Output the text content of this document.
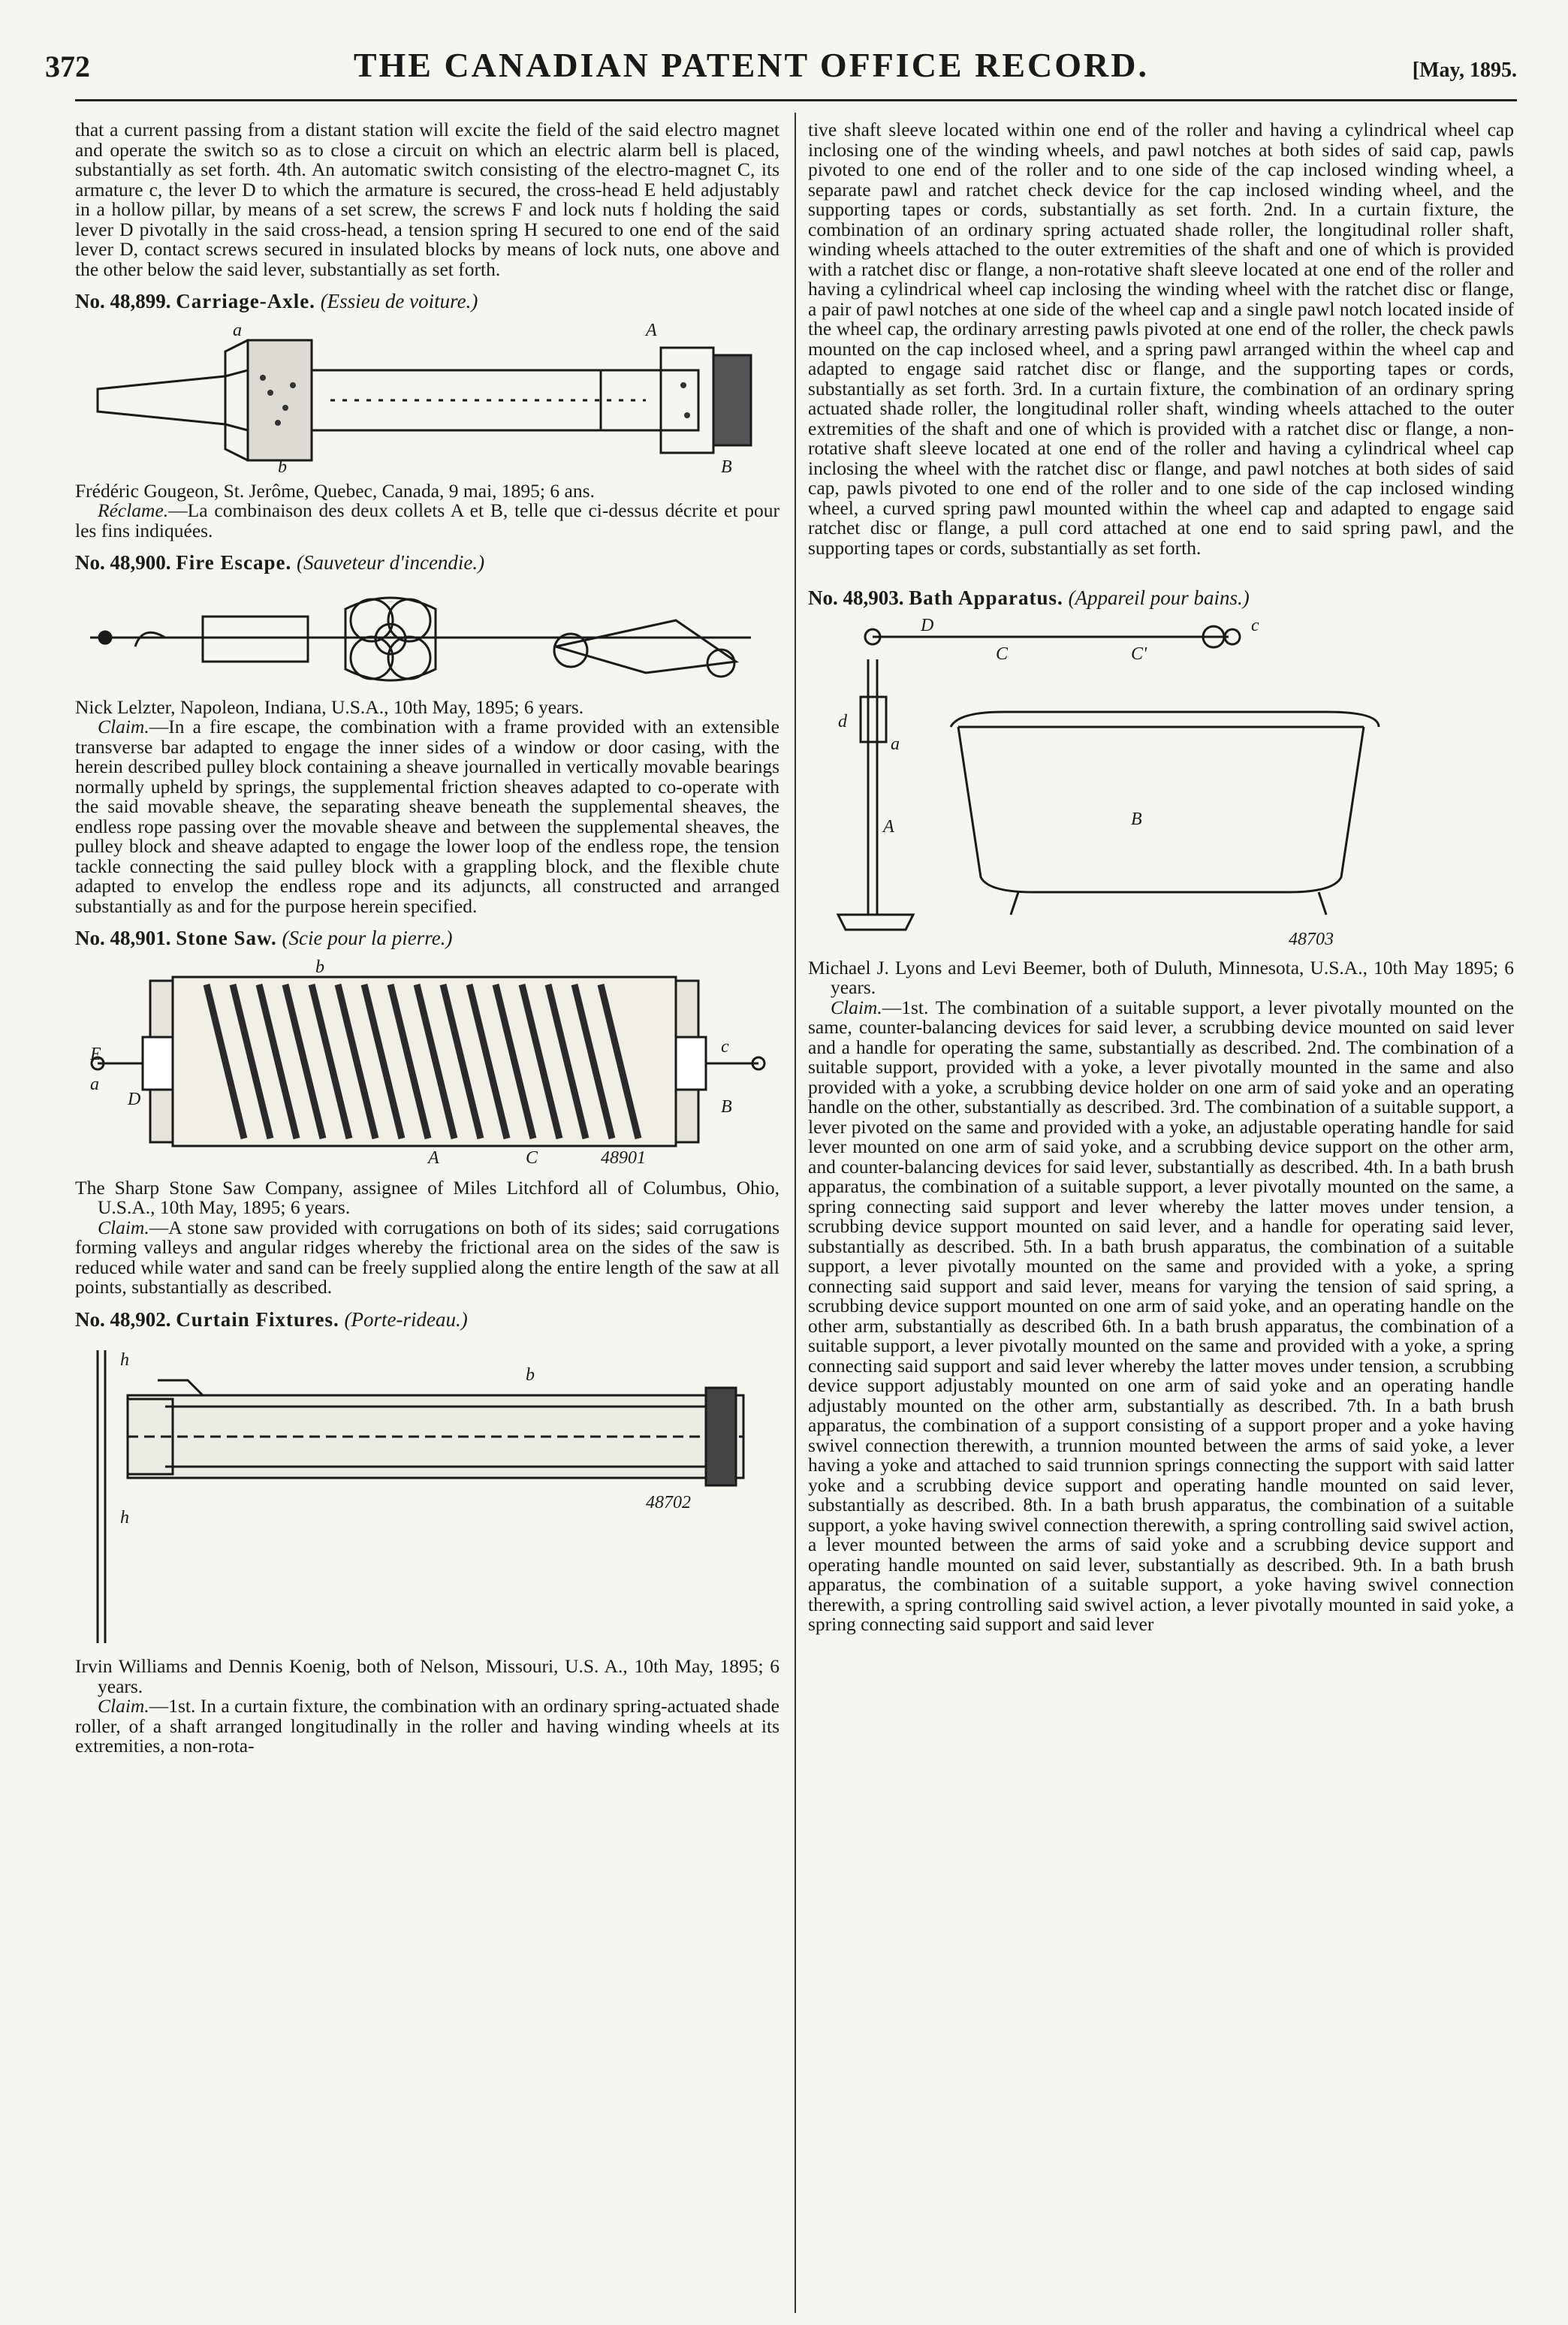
372	THE CANADIAN PATENT OFFICE RECORD.	[May, 1895.

that a current passing from a distant station will excite the field of the said electro magnet and operate the switch so as to close a circuit on which an electric alarm bell is placed, substantially as set forth. 4th. An automatic switch consisting of the electro-magnet C, its armature c, the lever D to which the armature is secured, the cross-head E held adjustably in a hollow pillar, by means of a set screw, the screws F and lock nuts f holding the said lever D pivotally in the said cross-head, a tension spring H secured to one end of the said lever D, contact screws secured in insulated blocks by means of lock nuts, one above and the other below the said lever, substantially as set forth.

No. 48,899. Carriage-Axle. (Essieu de voiture.)
a
b
A
B

Frédéric Gougeon, St. Jerôme, Quebec, Canada, 9 mai, 1895; 6 ans.

Réclame.—La combinaison des deux collets A et B, telle que ci-dessus décrite et pour les fins indiquées.

No. 48,900. Fire Escape. (Sauveteur d'incendie.)

Nick Lelzter, Napoleon, Indiana, U.S.A., 10th May, 1895; 6 years.

Claim.—In a fire escape, the combination with a frame provided with an extensible transverse bar adapted to engage the inner sides of a window or door casing, with the herein described pulley block containing a sheave journalled in vertically movable bearings normally upheld by springs, the supplemental friction sheaves adapted to co-operate with the said movable sheave, the separating sheave beneath the supplemental sheaves, the endless rope passing over the movable sheave and between the supplemental sheaves, the pulley block and sheave adapted to engage the lower loop of the endless rope, the tension tackle connecting the said pulley block with a grappling block, and the flexible chute adapted to envelop the endless rope and its adjuncts, all constructed and arranged substantially as and for the purpose herein specified.

No. 48,901. Stone Saw. (Scie pour la pierre.)
b
E
a
D
c
B
A	C	48901

The Sharp Stone Saw Company, assignee of Miles Litchford all of Columbus, Ohio, U.S.A., 10th May, 1895; 6 years.

Claim.—A stone saw provided with corrugations on both of its sides; said corrugations forming valleys and angular ridges whereby the frictional area on the sides of the saw is reduced while water and sand can be freely supplied along the entire length of the saw at all points, substantially as described.

No. 48,902. Curtain Fixtures. (Porte-rideau.)
h
h
b
48702

Irvin Williams and Dennis Koenig, both of Nelson, Missouri, U.S. A., 10th May, 1895; 6 years.

Claim.—1st. In a curtain fixture, the combination with an ordinary spring-actuated shade roller, of a shaft arranged longitudinally in the roller and having winding wheels at its extremities, a non-rota-

tive shaft sleeve located within one end of the roller and having a cylindrical wheel cap inclosing one of the winding wheels, and pawl notches at both sides of said cap, pawls pivoted to one end of the roller and to one side of the cap inclosed winding wheel, a separate pawl and ratchet check device for the cap inclosed winding wheel, and the supporting tapes or cords, substantially as set forth. 2nd. In a curtain fixture, the combination of an ordinary spring actuated shade roller, the longitudinal roller shaft, winding wheels attached to the outer extremities of the shaft and one of which is provided with a ratchet disc or flange, a non-rotative shaft sleeve located at one end of the roller and having a cylindrical wheel cap inclosing the winding wheel with the ratchet disc or flange, a pair of pawl notches at one side of the wheel cap and a single pawl notch located inside of the wheel cap, the ordinary arresting pawls pivoted at one end of the roller, the check pawls mounted on the cap inclosed wheel, and a spring pawl arranged within the wheel cap and adapted to engage said ratchet disc or flange, and the supporting tapes or cords, substantially as set forth. 3rd. In a curtain fixture, the combination of an ordinary spring actuated shade roller, the longitudinal roller shaft, winding wheels attached to the outer extremities of the shaft and one of which is provided with a ratchet disc or flange, a non-rotative shaft sleeve located at one end of the roller and having a cylindrical wheel cap inclosing the wheel with the ratchet disc or flange, and pawl notches at both sides of said cap, pawls pivoted to one end of the roller and to one side of the cap inclosed winding wheel, a curved spring pawl mounted within the wheel cap and adapted to engage said ratchet disc or flange, a pull cord attached at one end to said spring pawl, and the supporting tapes or cords, substantially as set forth.

No. 48,903. Bath Apparatus. (Appareil pour bains.)
D
A	B
C	C'
c
a
d
48703

Michael J. Lyons and Levi Beemer, both of Duluth, Minnesota, U.S.A., 10th May 1895; 6 years.

Claim.—1st. The combination of a suitable support, a lever pivotally mounted on the same, counter-balancing devices for said lever, a scrubbing device mounted on said lever and a handle for operating the same, substantially as described. 2nd. The combination of a suitable support, provided with a yoke, a lever pivotally mounted in the same and also provided with a yoke, a scrubbing device holder on one arm of said yoke and an operating handle on the other, substantially as described. 3rd. The combination of a suitable support, a lever pivoted on the same and provided with a yoke, an adjustable operating handle for said lever mounted on one arm of said yoke, and a scrubbing device support on the other arm, and counter-balancing devices for said lever, substantially as described. 4th. In a bath brush apparatus, the combination of a suitable support, a lever pivotally mounted on the same, a spring connecting said support and lever whereby the latter moves under tension, a scrubbing device support mounted on said lever, and a handle for operating said lever, substantially as described. 5th. In a bath brush apparatus, the combination of a suitable support, a lever pivotally mounted on the same and provided with a yoke, a spring connecting said support and said lever, means for varying the tension of said spring, a scrubbing device support mounted on one arm of said yoke, and an operating handle on the other arm, substantially as described 6th. In a bath brush apparatus, the combination of a suitable support, a lever pivotally mounted on the same and provided with a yoke, a spring connecting said support and said lever whereby the latter moves under tension, a scrubbing device support adjustably mounted on one arm of said yoke and an operating handle adjustably mounted on the other arm, substantially as described. 7th. In a bath brush apparatus, the combination of a support consisting of a support proper and a yoke having swivel connection therewith, a trunnion mounted between the arms of said yoke, a lever having a yoke and attached to said trunnion springs connecting the support with said latter yoke and a scrubbing device support and operating handle mounted on said lever, substantially as described. 8th. In a bath brush apparatus, the combination of a suitable support, a yoke having swivel connection therewith, a spring controlling said swivel action, a lever mounted between the arms of said yoke and a scrubbing device support and operating handle mounted on said lever, substantially as described. 9th. In a bath brush apparatus, the combination of a suitable support, a yoke having swivel connection therewith, a spring controlling said swivel action, a lever pivotally mounted in said yoke, a spring connecting said support and said lever
